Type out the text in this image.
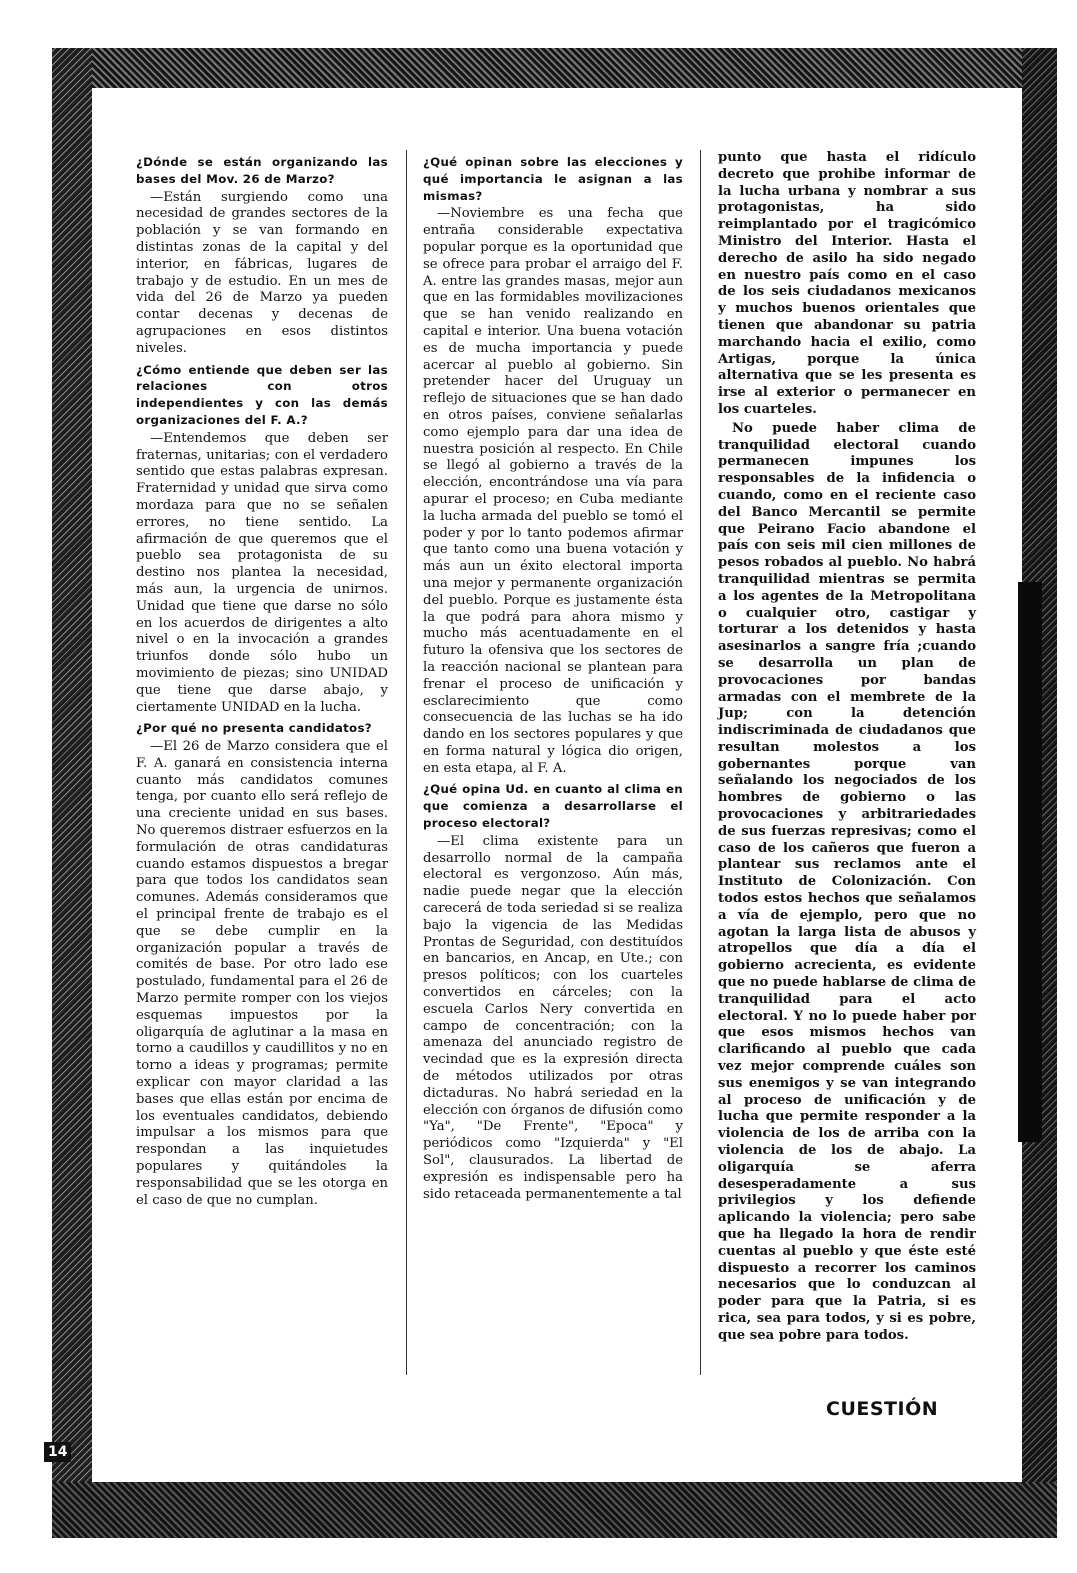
¿Dónde se están organizando las bases del Mov. 26 de Marzo?

—Están surgiendo como una necesidad de grandes sectores de la población y se van formando en distintas zonas de la capital y del interior, en fábricas, lugares de trabajo y de estudio. En un mes de vida del 26 de Marzo ya pueden contar decenas y decenas de agrupaciones en esos distintos niveles.

¿Cómo entiende que deben ser las relaciones con otros independientes y con las demás organizaciones del F. A.?

—Entendemos que deben ser fraternas, unitarias; con el verdadero sentido que estas palabras expresan. Fraternidad y unidad que sirva como mordaza para que no se señalen errores, no tiene sentido. La afirmación de que queremos que el pueblo sea protagonista de su destino nos plantea la necesidad, más aun, la urgencia de unirnos. Unidad que tiene que darse no sólo en los acuerdos de dirigentes a alto nivel o en la invocación a grandes triunfos donde sólo hubo un movimiento de piezas; sino UNIDAD que tiene que darse abajo, y ciertamente UNIDAD en la lucha.

¿Por qué no presenta candidatos?

—El 26 de Marzo considera que el F. A. ganará en consistencia interna cuanto más candidatos comunes tenga, por cuanto ello será reflejo de una creciente unidad en sus bases. No queremos distraer esfuerzos en la formulación de otras candidaturas cuando estamos dispuestos a bregar para que todos los candidatos sean comunes. Además consideramos que el principal frente de trabajo es el que se debe cumplir en la organización popular a través de comités de base. Por otro lado ese postulado, fundamental para el 26 de Marzo permite romper con los viejos esquemas impuestos por la oligarquía de aglutinar a la masa en torno a caudillos y caudillitos y no en torno a ideas y programas; permite explicar con mayor claridad a las bases que ellas están por encima de los eventuales candidatos, debiendo impulsar a los mismos para que respondan a las inquietudes populares y quitándoles la responsabilidad que se les otorga en el caso de que no cumplan.

¿Qué opinan sobre las elecciones y qué importancia le asignan a las mismas?

—Noviembre es una fecha que entraña considerable expectativa popular porque es la oportunidad que se ofrece para probar el arraigo del F. A. entre las grandes masas, mejor aun que en las formidables movilizaciones que se han venido realizando en capital e interior. Una buena votación es de mucha importancia y puede acercar al pueblo al gobierno. Sin pretender hacer del Uruguay un reflejo de situaciones que se han dado en otros países, conviene señalarlas como ejemplo para dar una idea de nuestra posición al respecto. En Chile se llegó al gobierno a través de la elección, encontrándose una vía para apurar el proceso; en Cuba mediante la lucha armada del pueblo se tomó el poder y por lo tanto podemos afirmar que tanto como una buena votación y más aun un éxito electoral importa una mejor y permanente organización del pueblo. Porque es justamente ésta la que podrá para ahora mismo y mucho más acentuadamente en el futuro la ofensiva que los sectores de la reacción nacional se plantean para frenar el proceso de unificación y esclarecimiento que como consecuencia de las luchas se ha ido dando en los sectores populares y que en forma natural y lógica dio origen, en esta etapa, al F. A.

¿Qué opina Ud. en cuanto al clima en que comienza a desarrollarse el proceso electoral?

—El clima existente para un desarrollo normal de la campaña electoral es vergonzoso. Aún más, nadie puede negar que la elección carecerá de toda seriedad si se realiza bajo la vigencia de las Medidas Prontas de Seguridad, con destituídos en bancarios, en Ancap, en Ute.; con presos políticos; con los cuarteles convertidos en cárceles; con la escuela Carlos Nery convertida en campo de concentración; con la amenaza del anunciado registro de vecindad que es la expresión directa de métodos utilizados por otras dictaduras. No habrá seriedad en la elección con órganos de difusión como "Ya", "De Frente", "Epoca" y periódicos como "Izquierda" y "El Sol", clausurados. La libertad de expresión es indispensable pero ha sido retaceada permanentemente a tal

punto que hasta el ridículo decreto que prohibe informar de la lucha urbana y nombrar a sus protagonistas, ha sido reimplantado por el tragicómico Ministro del Interior. Hasta el derecho de asilo ha sido negado en nuestro país como en el caso de los seis ciudadanos mexicanos y muchos buenos orientales que tienen que abandonar su patria marchando hacia el exilio, como Artigas, porque la única alternativa que se les presenta es irse al exterior o permanecer en los cuarteles.

No puede haber clima de tranquilidad electoral cuando permanecen impunes los responsables de la infidencia o cuando, como en el reciente caso del Banco Mercantil se permite que Peirano Facio abandone el país con seis mil cien millones de pesos robados al pueblo. No habrá tranquilidad mientras se permita a los agentes de la Metropolitana o cualquier otro, castigar y torturar a los detenidos y hasta asesinarlos a sangre fría ;cuando se desarrolla un plan de provocaciones por bandas armadas con el membrete de la Jup; con la detención indiscriminada de ciudadanos que resultan molestos a los gobernantes porque van señalando los negociados de los hombres de gobierno o las provocaciones y arbitrariedades de sus fuerzas represivas; como el caso de los cañeros que fueron a plantear sus reclamos ante el Instituto de Colonización. Con todos estos hechos que señalamos a vía de ejemplo, pero que no agotan la larga lista de abusos y atropellos que día a día el gobierno acrecienta, es evidente que no puede hablarse de clima de tranquilidad para el acto electoral. Y no lo puede haber por que esos mismos hechos van clarificando al pueblo que cada vez mejor comprende cuáles son sus enemigos y se van integrando al proceso de unificación y de lucha que permite responder a la violencia de los de arriba con la violencia de los de abajo. La oligarquía se aferra desesperadamente a sus privilegios y los defiende aplicando la violencia; pero sabe que ha llegado la hora de rendir cuentas al pueblo y que éste esté dispuesto a recorrer los caminos necesarios que lo conduzcan al poder para que la Patria, si es rica, sea para todos, y si es pobre, que sea pobre para todos.

CUESTIÓN
14
